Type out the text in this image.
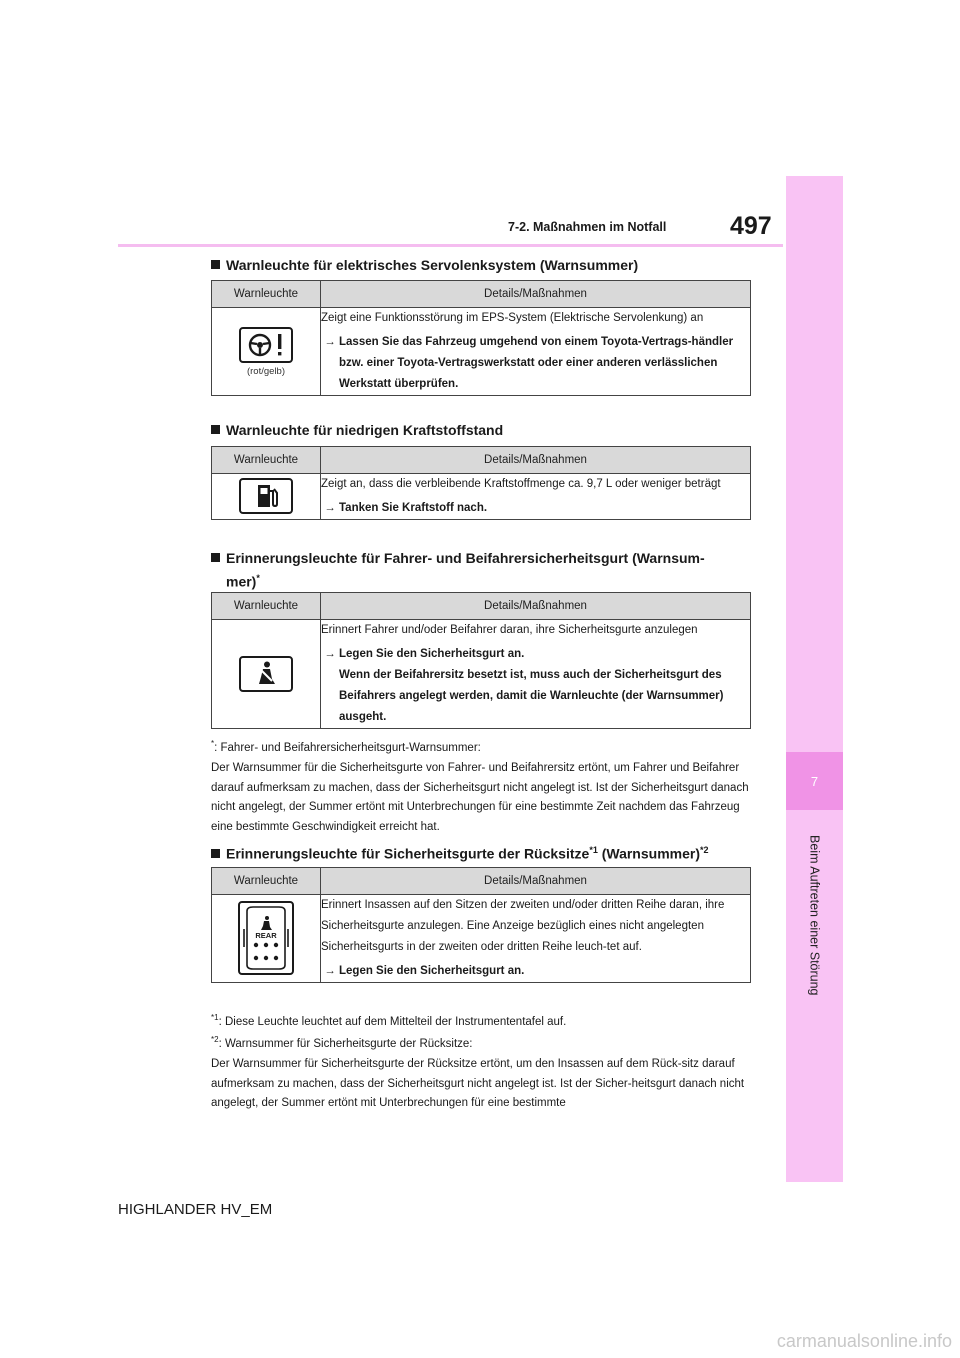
7
Beim Auftreten einer Störung
7-2. Maßnahmen im Notfall	497
Warnleuchte für elektrisches Servolenksystem (Warnsummer)
Warnleuchte	Details/Maßnahmen

(rot/gelb)	Zeigt eine Funktionsstörung im EPS-System (Elektrische Servolenkung) an
→ Lassen Sie das Fahrzeug umgehend von einem Toyota-Vertrags-händler bzw. einer Toyota-Vertragswerkstatt oder einer anderen verlässlichen Werkstatt überprüfen.
Warnleuchte für niedrigen Kraftstoffstand
Warnleuchte	Details/Maßnahmen

Zeigt an, dass die verbleibende Kraftstoffmenge ca. 9,7 L oder weniger beträgt
→ Tanken Sie Kraftstoff nach.
Erinnerungsleuchte für Fahrer- und Beifahrersicherheitsgurt (Warnsum-
mer)*
Warnleuchte	Details/Maßnahmen

Erinnert Fahrer und/oder Beifahrer daran, ihre Sicherheitsgurte anzulegen
→ Legen Sie den Sicherheitsgurt an.
Wenn der Beifahrersitz besetzt ist, muss auch der Sicherheitsgurt des Beifahrers angelegt werden, damit die Warnleuchte (der Warnsummer) ausgeht.
*: Fahrer- und Beifahrersicherheitsgurt-Warnsummer:
Der Warnsummer für die Sicherheitsgurte von Fahrer- und Beifahrersitz ertönt, um Fahrer und Beifahrer darauf aufmerksam zu machen, dass der Sicherheitsgurt nicht angelegt ist. Ist der Sicherheitsgurt danach nicht angelegt, der Summer ertönt mit Unterbrechungen für eine bestimmte Zeit nachdem das Fahrzeug eine bestimmte Geschwindigkeit erreicht hat.
Erinnerungsleuchte für Sicherheitsgurte der Rücksitze$^{*1}$ (Warnsummer)$^{*2}$
Warnleuchte	Details/Maßnahmen

REAR	Erinnert Insassen auf den Sitzen der zweiten und/oder dritten Reihe daran, ihre Sicherheitsgurte anzulegen. Eine Anzeige bezüglich eines nicht angelegten Sicherheitsgurts in der zweiten oder dritten Reihe leuch-tet auf.
→ Legen Sie den Sicherheitsgurt an.
$^{*1}$: Diese Leuchte leuchtet auf dem Mittelteil der Instrumententafel auf.
$^{*2}$: Warnsummer für Sicherheitsgurte der Rücksitze:
Der Warnsummer für Sicherheitsgurte der Rücksitze ertönt, um den Insassen auf dem Rück-sitz darauf aufmerksam zu machen, dass der Sicherheitsgurt nicht angelegt ist. Ist der Sicher-heitsgurt danach nicht angelegt, der Summer ertönt mit Unterbrechungen für eine bestimmte
HIGHLANDER HV_EM
carmanualsonline.info
